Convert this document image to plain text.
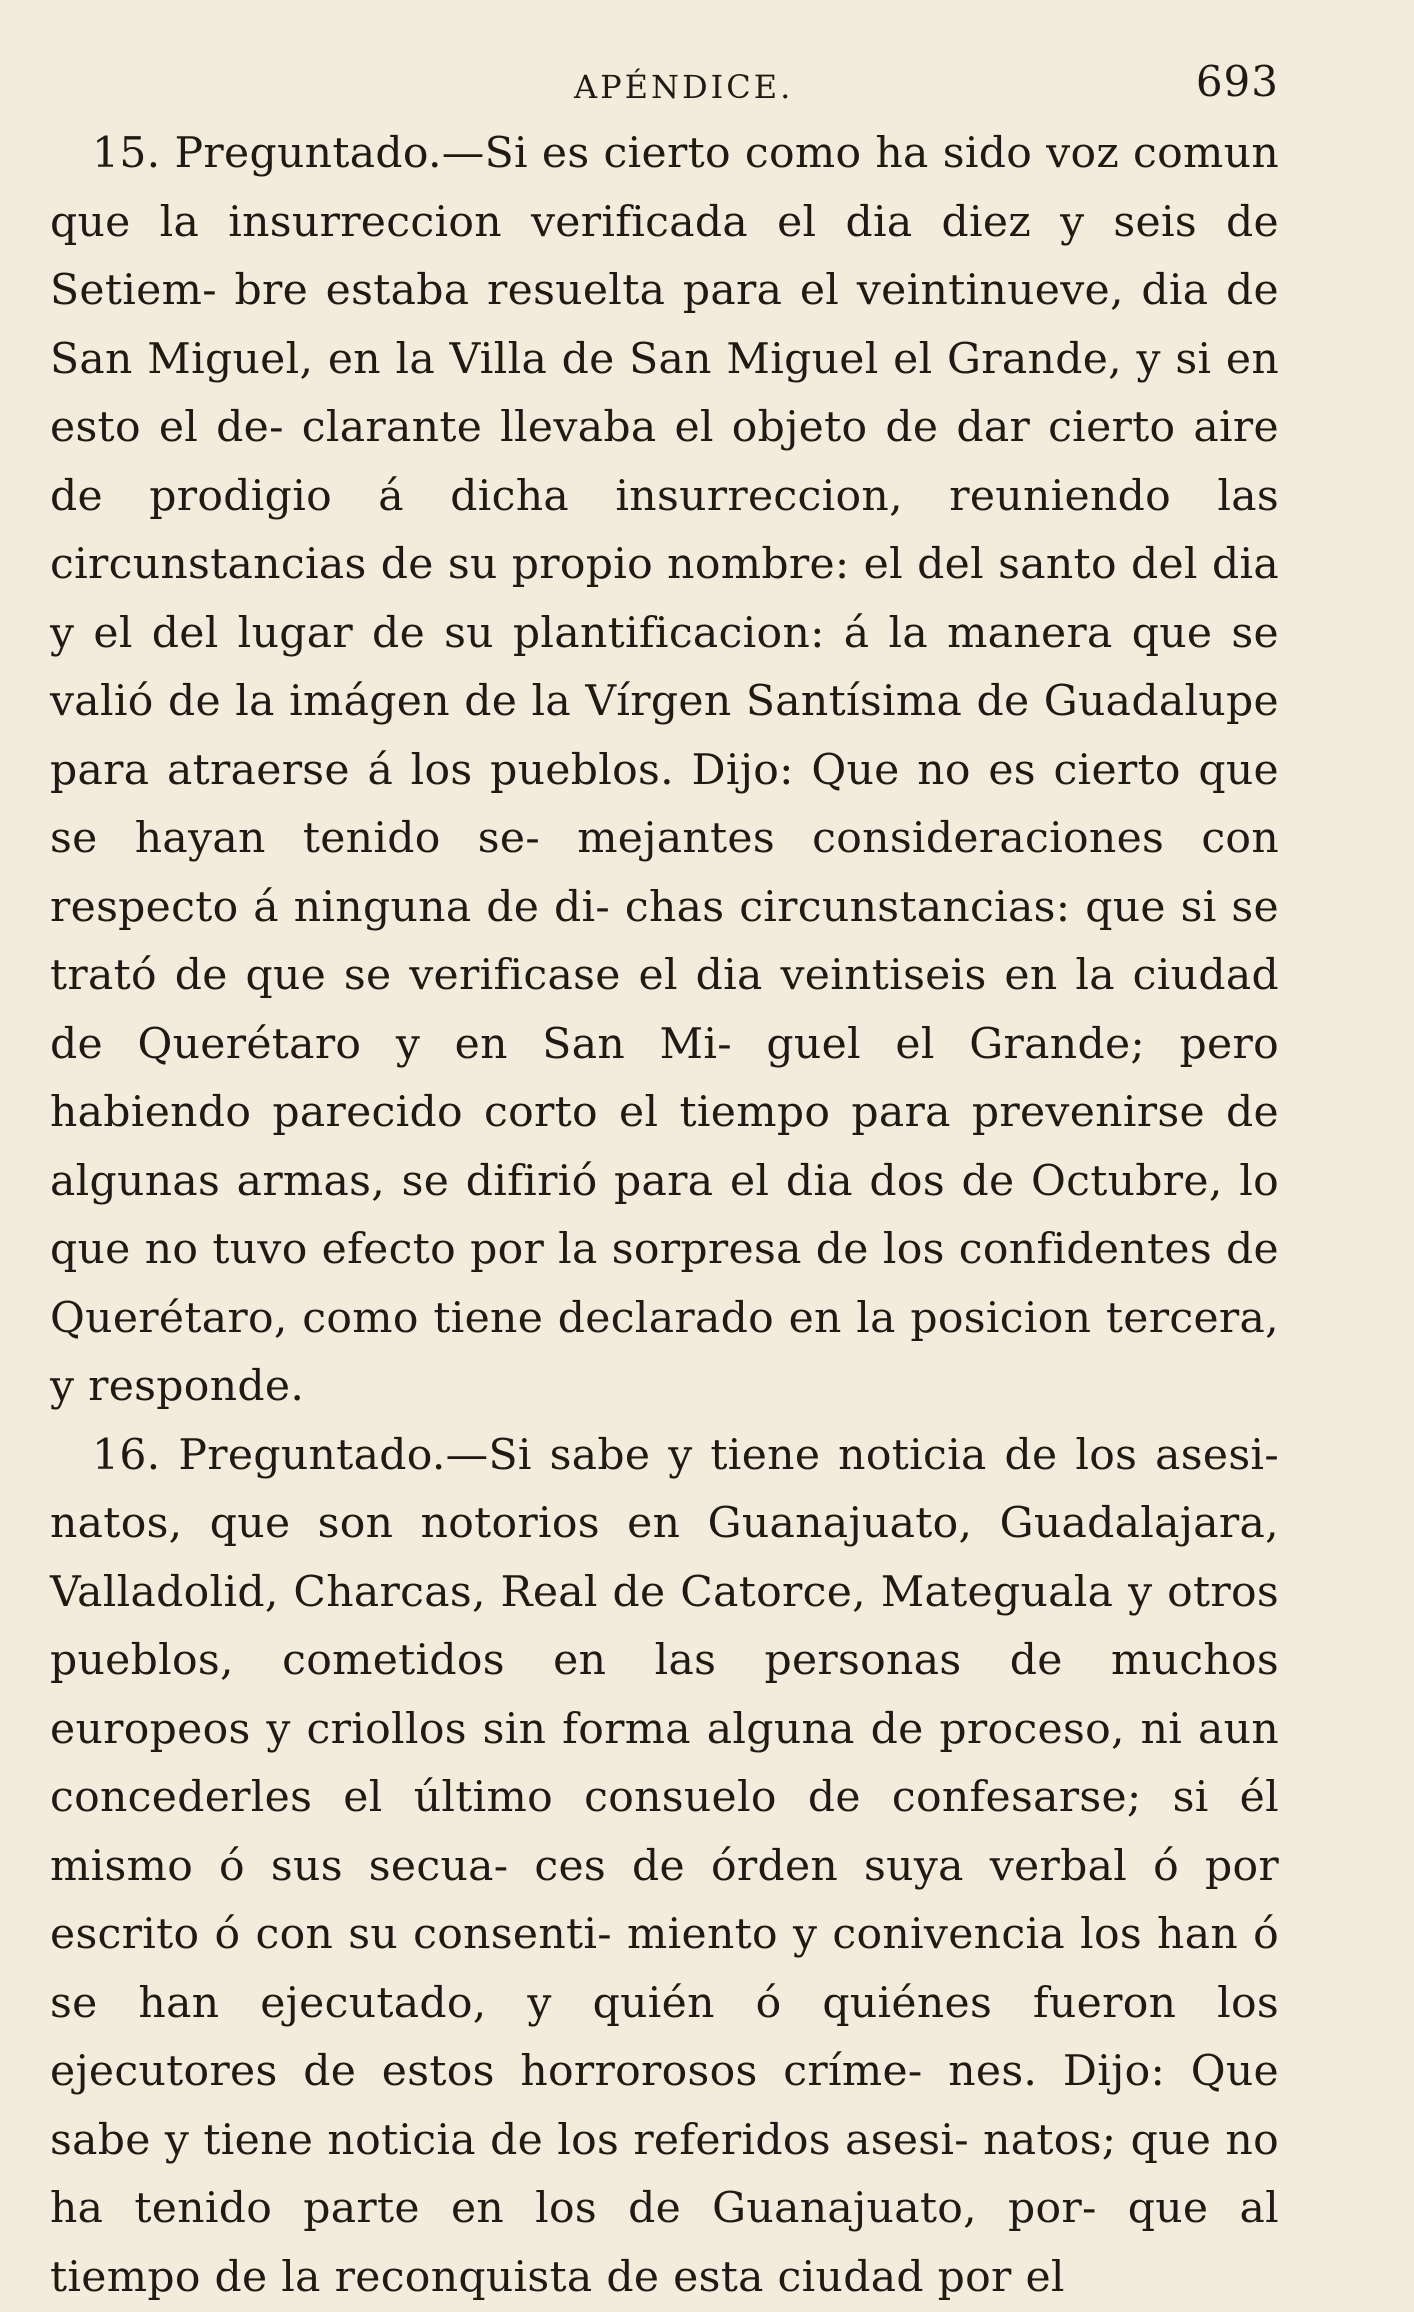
APÉNDICE.	693

15. Preguntado.—Si es cierto como ha sido voz comun que la insurreccion verificada el dia diez y seis de Setiem- bre estaba resuelta para el veintinueve, dia de San Miguel, en la Villa de San Miguel el Grande, y si en esto el de- clarante llevaba el objeto de dar cierto aire de prodigio á dicha insurreccion, reuniendo las circunstancias de su propio nombre: el del santo del dia y el del lugar de su plantificacion: á la manera que se valió de la imágen de la Vírgen Santísima de Guadalupe para atraerse á los pueblos. Dijo: Que no es cierto que se hayan tenido se- mejantes consideraciones con respecto á ninguna de di- chas circunstancias: que si se trató de que se verificase el dia veintiseis en la ciudad de Querétaro y en San Mi- guel el Grande; pero habiendo parecido corto el tiempo para prevenirse de algunas armas, se difirió para el dia dos de Octubre, lo que no tuvo efecto por la sorpresa de los confidentes de Querétaro, como tiene declarado en la posicion tercera, y responde.

16. Preguntado.—Si sabe y tiene noticia de los asesi- natos, que son notorios en Guanajuato, Guadalajara, Valladolid, Charcas, Real de Catorce, Mateguala y otros pueblos, cometidos en las personas de muchos europeos y criollos sin forma alguna de proceso, ni aun concederles el último consuelo de confesarse; si él mismo ó sus secua- ces de órden suya verbal ó por escrito ó con su consenti- miento y conivencia los han ó se han ejecutado, y quién ó quiénes fueron los ejecutores de estos horrorosos críme- nes. Dijo: Que sabe y tiene noticia de los referidos asesi- natos; que no ha tenido parte en los de Guanajuato, por- que al tiempo de la reconquista de esta ciudad por el
